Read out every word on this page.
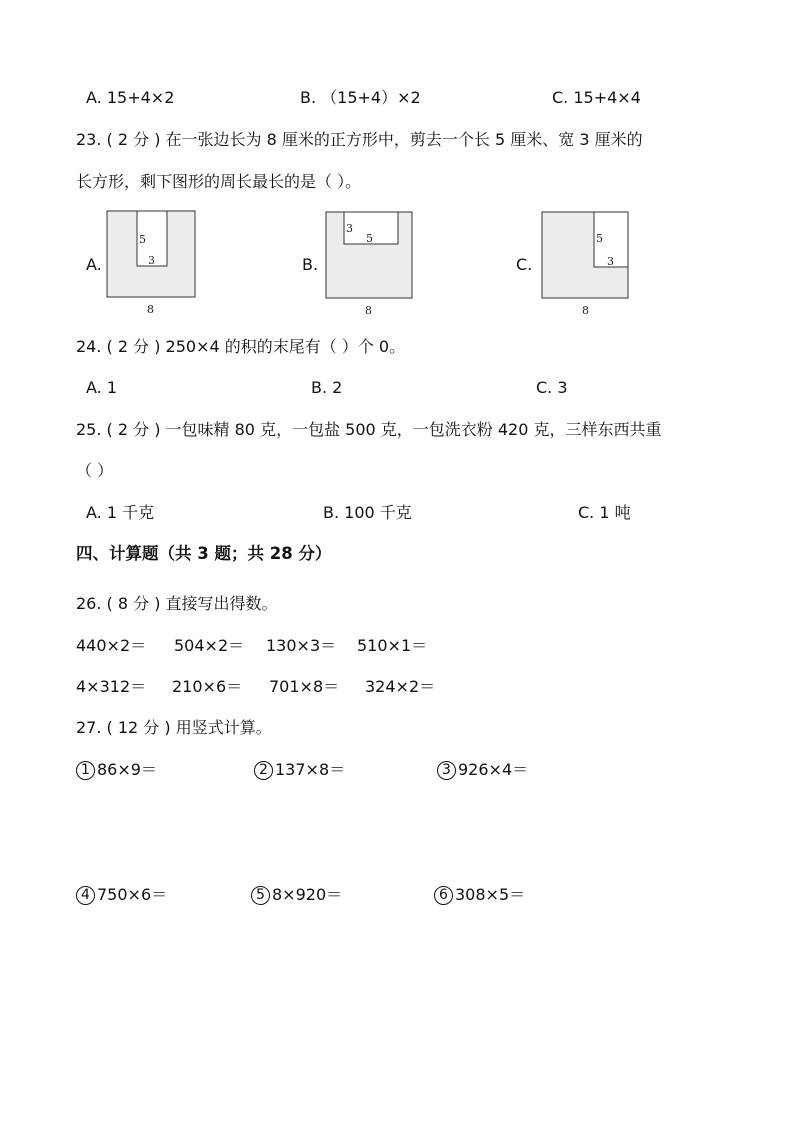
A. 15+4×2	B. （15+4）×2	C. 15+4×4
23. ( 2 分 ) 在一张边长为 8 厘米的正方形中，剪去一个长 5 厘米、宽 3 厘米的
长方形，剩下图形的周长最长的是（ ）。
A.	B.	C.
5
3
8
3
5
8
5
3
8
24. ( 2 分 ) 250×4 的积的末尾有（ ）个 0。
A. 1	B. 2	C. 3
25. ( 2 分 ) 一包味精 80 克，一包盐 500 克，一包洗衣粉 420 克，三样东西共重
（ ）
A. 1 千克	B. 100 千克	C. 1 吨
四、计算题（共 3 题；共 28 分）
26. ( 8 分 ) 直接写出得数。
440×2＝ 504×2＝ 130×3＝ 510×1＝
4×312＝ 210×6＝ 701×8＝ 324×2＝
27. ( 12 分 ) 用竖式计算。
1 86×9＝	2 137×8＝	3 926×4＝
4 750×6＝	5 8×920＝	6 308×5＝
